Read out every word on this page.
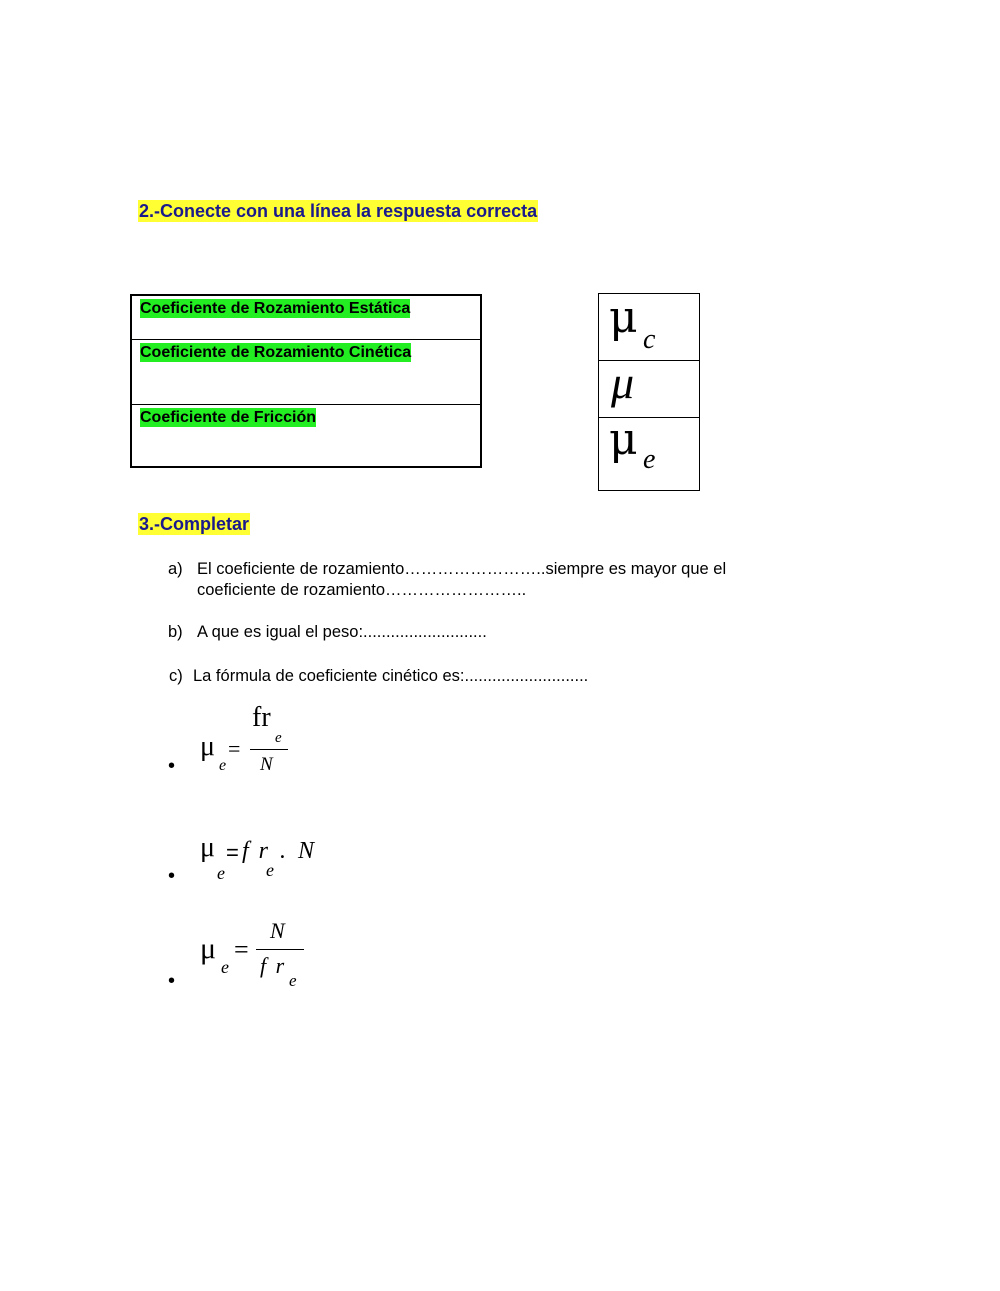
2.-Conecte con una línea la respuesta correcta
Coeficiente de Rozamiento Estática
Coeficiente de Rozamiento Cinética
Coeficiente de Fricción
μ c
μ
μ e
3.-Completar
a) El coeficiente de rozamiento……………………..siempre es mayor que el
coeficiente de rozamiento……………………..
b) A que es igual el peso:...........................
c) La fórmula de coeficiente cinético es:...........................
•
μ
e
=
fr
e
N
•
μ
e
= f r
e
. N
•
μ
e
=
N
f r
e
